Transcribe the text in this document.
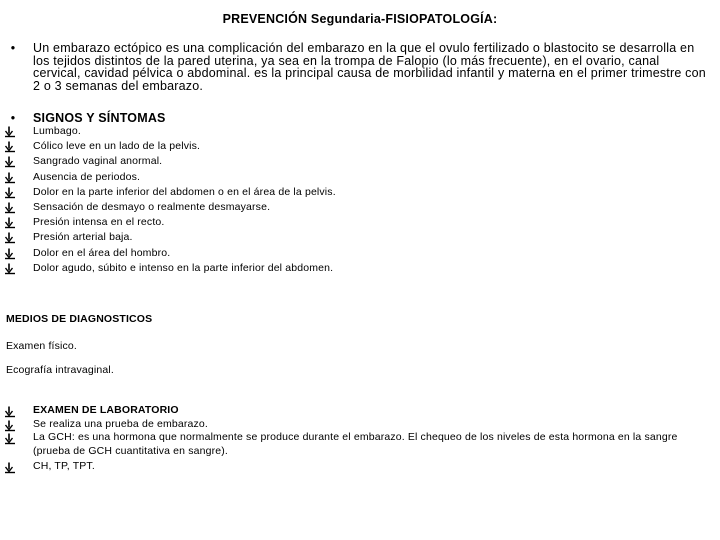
PREVENCIÓN Segundaria-FISIOPATOLOGÍA:
•	Un embarazo ectópico es una complicación del embarazo en la que el ovulo fertilizado o blastocito se desarrolla en los tejidos distintos de la pared uterina, ya sea en la trompa de Falopio (lo más frecuente), en el ovario, canal cervical, cavidad pélvica o abdominal. es la principal causa de morbilidad infantil y materna en el primer trimestre con 2 o 3 semanas del embarazo.
•	SIGNOS Y SÍNTOMAS
Lumbago.
Cólico leve en un lado de la pelvis.
Sangrado vaginal anormal.
Ausencia de periodos.
Dolor en la parte inferior del abdomen o en el área de la pelvis.
Sensación de desmayo o realmente desmayarse.
Presión intensa en el recto.
Presión arterial baja.
Dolor en el área del hombro.
Dolor agudo, súbito e intenso en la parte inferior del abdomen.
MEDIOS DE DIAGNOSTICOS
Examen físico.
Ecografía intravaginal.
EXAMEN DE LABORATORIO
Se realiza una prueba de embarazo.
La GCH: es una hormona que normalmente se produce durante el embarazo. El chequeo de los niveles de esta hormona en la sangre (prueba de GCH cuantitativa en sangre).
CH, TP, TPT.
